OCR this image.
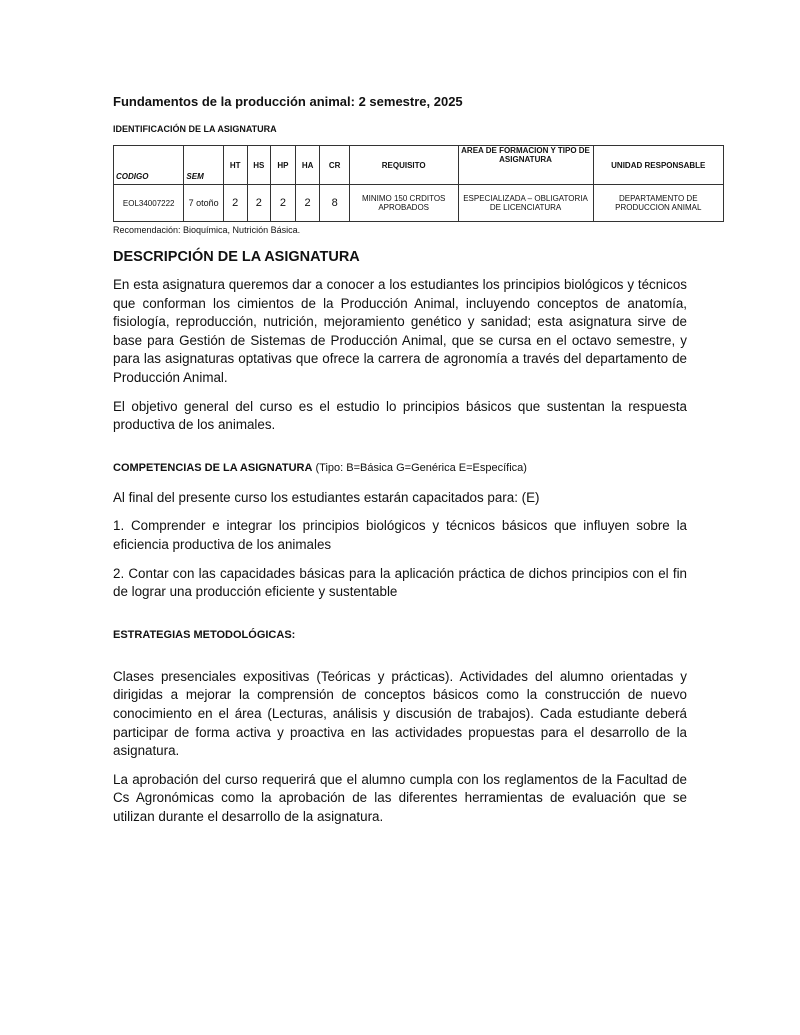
Fundamentos de la producción animal: 2 semestre, 2025
IDENTIFICACIÓN DE LA ASIGNATURA
CODIGO	SEM	HT	HS	HP	HA	CR	REQUISITO	AREA DE FORMACION Y TIPO DE ASIGNATURA	UNIDAD RESPONSABLE
EOL34007222	7 otoño	2	2	2	2	8	MINIMO 150 CRDITOS APROBADOS	ESPECIALIZADA – OBLIGATORIA DE LICENCIATURA	DEPARTAMENTO DE PRODUCCION ANIMAL
Recomendación: Bioquímica, Nutrición Básica.
DESCRIPCIÓN DE LA ASIGNATURA

En esta asignatura queremos dar a conocer a los estudiantes los principios biológicos y técnicos que conforman los cimientos de la Producción Animal, incluyendo conceptos de anatomía, fisiología, reproducción, nutrición, mejoramiento genético y sanidad; esta asignatura sirve de base para Gestión de Sistemas de Producción Animal, que se cursa en el octavo semestre, y para las asignaturas optativas que ofrece la carrera de agronomía a través del departamento de Producción Animal.

El objetivo general del curso es el estudio lo principios básicos que sustentan la respuesta productiva de los animales.

COMPETENCIAS DE LA ASIGNATURA (Tipo: B=Básica G=Genérica E=Específica)

Al final del presente curso los estudiantes estarán capacitados para: (E)

1. Comprender e integrar los principios biológicos y técnicos básicos que influyen sobre la eficiencia productiva de los animales

2. Contar con las capacidades básicas para la aplicación práctica de dichos principios con el fin de lograr una producción eficiente y sustentable

ESTRATEGIAS METODOLÓGICAS:

Clases presenciales expositivas (Teóricas y prácticas). Actividades del alumno orientadas y dirigidas a mejorar la comprensión de conceptos básicos como la construcción de nuevo conocimiento en el área (Lecturas, análisis y discusión de trabajos). Cada estudiante deberá participar de forma activa y proactiva en las actividades propuestas para el desarrollo de la asignatura.

La aprobación del curso requerirá que el alumno cumpla con los reglamentos de la Facultad de Cs Agronómicas como la aprobación de las diferentes herramientas de evaluación que se utilizan durante el desarrollo de la asignatura.
